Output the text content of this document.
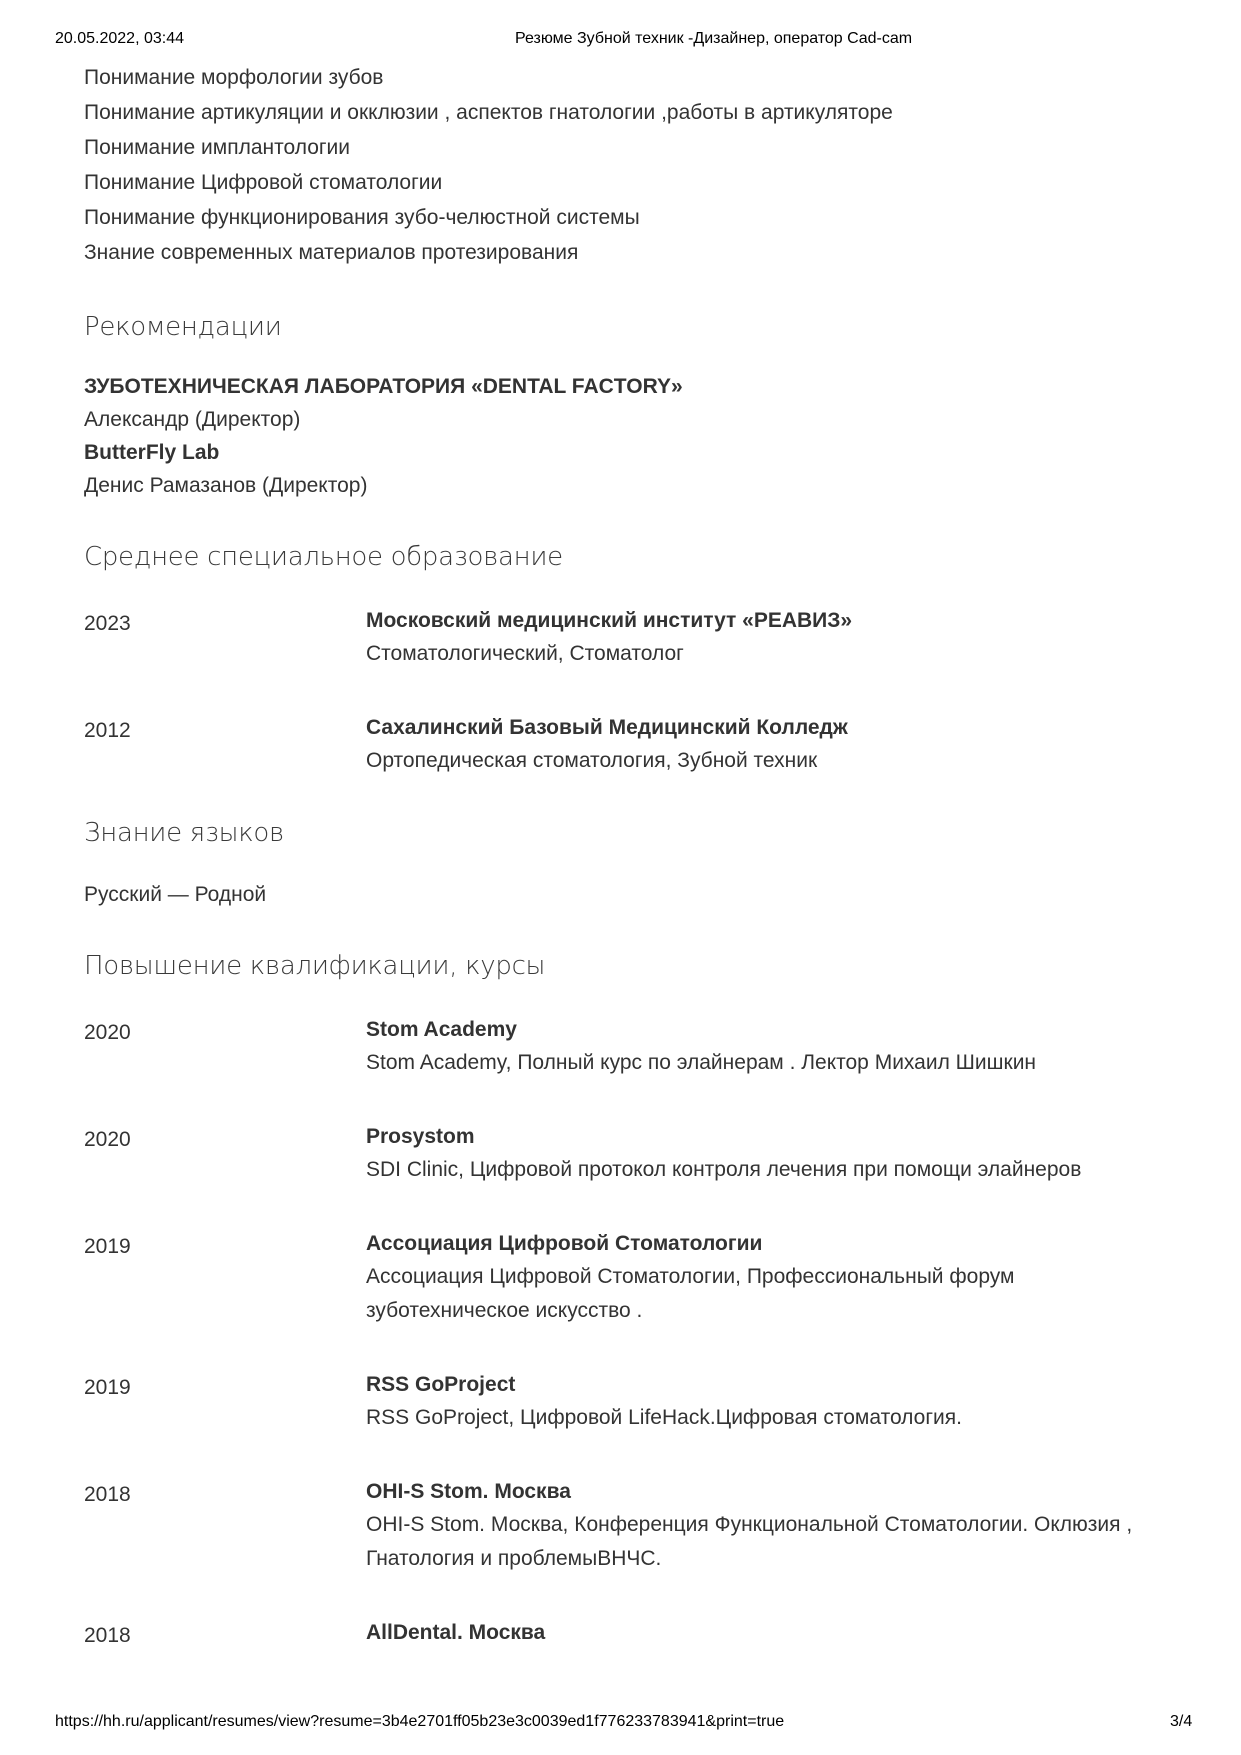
20.05.2022, 03:44	Резюме Зубной техник -Дизайнер, оператор Cad-cam
Понимание морфологии зубов
Понимание артикуляции и окклюзии , аспектов гнатологии ,работы в артикуляторе
Понимание имплантологии
Понимание Цифровой стоматологии
Понимание функционирования зубо-челюстной системы
Знание современных материалов протезирования
Рекомендации
ЗУБОТЕХНИЧЕСКАЯ ЛАБОРАТОРИЯ «DENTAL FACTORY»
Александр (Директор)
ButterFly Lab
Денис Рамазанов (Директор)
Среднее специальное образование
2023	Московский медицинский институт «РЕАВИЗ»
Стоматологический, Стоматолог
2012	Сахалинский Базовый Медицинский Колледж
Ортопедическая стоматология, Зубной техник
Знание языков
Русский — Родной
Повышение квалификации, курсы
2020	Stom Academy
Stom Academy, Полный курс по элайнерам . Лектор Михаил Шишкин
2020	Prosystom
SDI Clinic, Цифровой протокол контроля лечения при помощи элайнеров
2019	Ассоциация Цифровой Стоматологии
Ассоциация Цифровой Стоматологии, Профессиональный форум зуботехническое искусство .
2019	RSS GoProject
RSS GoProject, Цифровой LifeHack.Цифровая стоматология.
2018	OHI-S Stom. Москва
OHI-S Stom. Москва, Конференция Функциональной Стоматологии. Оклюзия , Гнатология и проблемыВНЧС.
2018	AllDental. Москва
https://hh.ru/applicant/resumes/view?resume=3b4e2701ff05b23e3c0039ed1f776233783941&print=true	3/4
